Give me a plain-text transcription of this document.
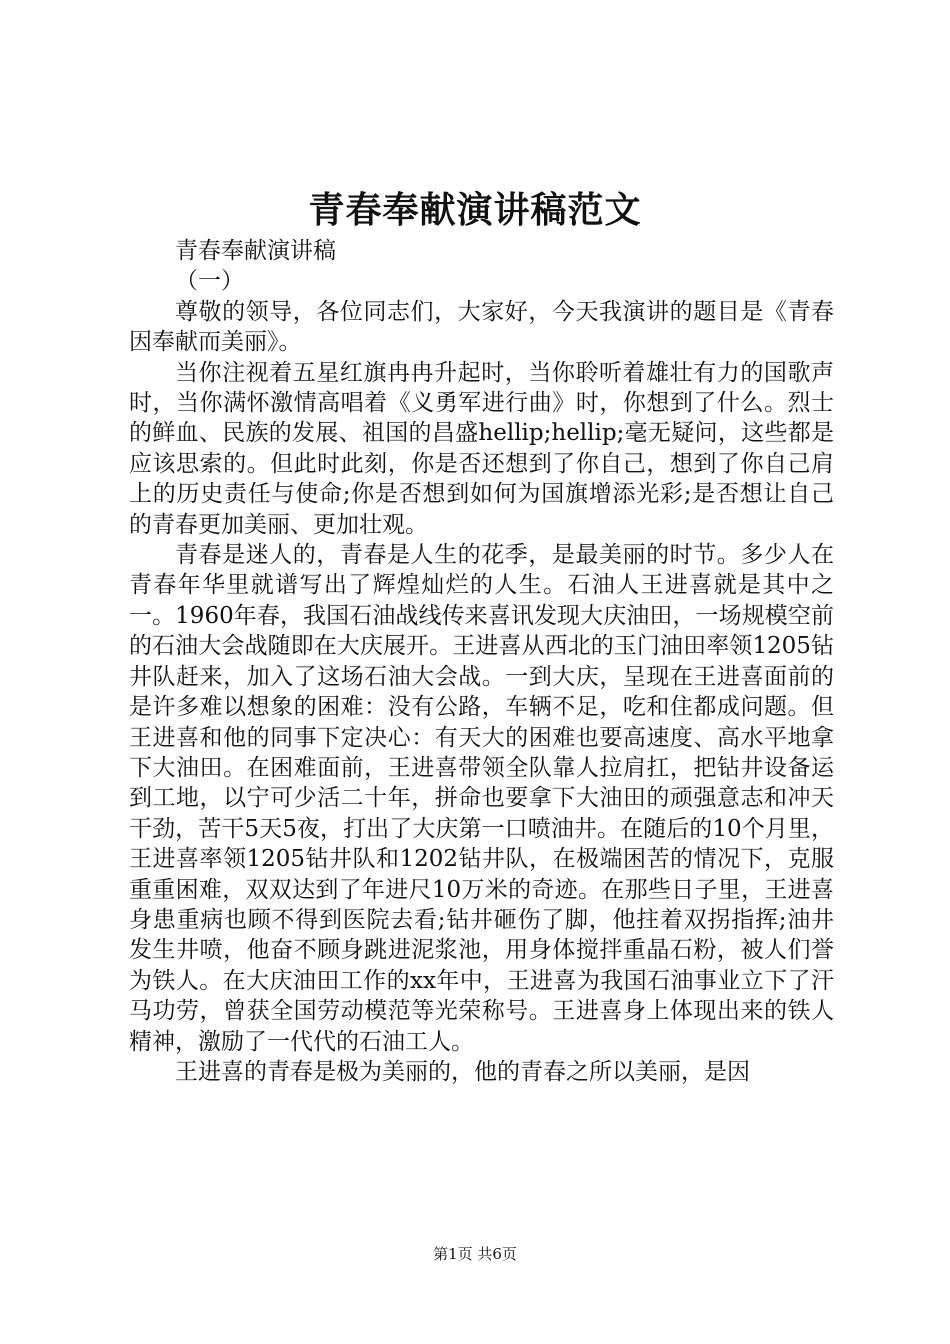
青春奉献演讲稿范文

青春奉献演讲稿

（一）

尊敬的领导，各位同志们，大家好，今天我演讲的题目是《青春因奉献而美丽》。

当你注视着五星红旗冉冉升起时，当你聆听着雄壮有力的国歌声时，当你满怀激情高唱着《义勇军进行曲》时，你想到了什么。烈士的鲜血、民族的发展、祖国的昌盛hellip;hellip;毫无疑问，这些都是应该思索的。但此时此刻，你是否还想到了你自己，想到了你自己肩上的历史责任与使命;你是否想到如何为国旗增添光彩;是否想让自己的青春更加美丽、更加壮观。

青春是迷人的，青春是人生的花季，是最美丽的时节。多少人在青春年华里就谱写出了辉煌灿烂的人生。石油人王进喜就是其中之一。1960年春，我国石油战线传来喜讯发现大庆油田，一场规模空前的石油大会战随即在大庆展开。王进喜从西北的玉门油田率领1205钻井队赶来，加入了这场石油大会战。一到大庆，呈现在王进喜面前的是许多难以想象的困难：没有公路，车辆不足，吃和住都成问题。但王进喜和他的同事下定决心：有天大的困难也要高速度、高水平地拿下大油田。在困难面前，王进喜带领全队靠人拉肩扛，把钻井设备运到工地，以宁可少活二十年，拼命也要拿下大油田的顽强意志和冲天干劲，苦干5天5夜，打出了大庆第一口喷油井。在随后的10个月里，王进喜率领1205钻井队和1202钻井队，在极端困苦的情况下，克服重重困难，双双达到了年进尺10万米的奇迹。在那些日子里，王进喜身患重病也顾不得到医院去看;钻井砸伤了脚，他拄着双拐指挥;油井发生井喷，他奋不顾身跳进泥浆池，用身体搅拌重晶石粉，被人们誉为铁人。在大庆油田工作的xx年中，王进喜为我国石油事业立下了汗马功劳，曾获全国劳动模范等光荣称号。王进喜身上体现出来的铁人精神，激励了一代代的石油工人。

王进喜的青春是极为美丽的，他的青春之所以美丽，是因

第1页 共6页
